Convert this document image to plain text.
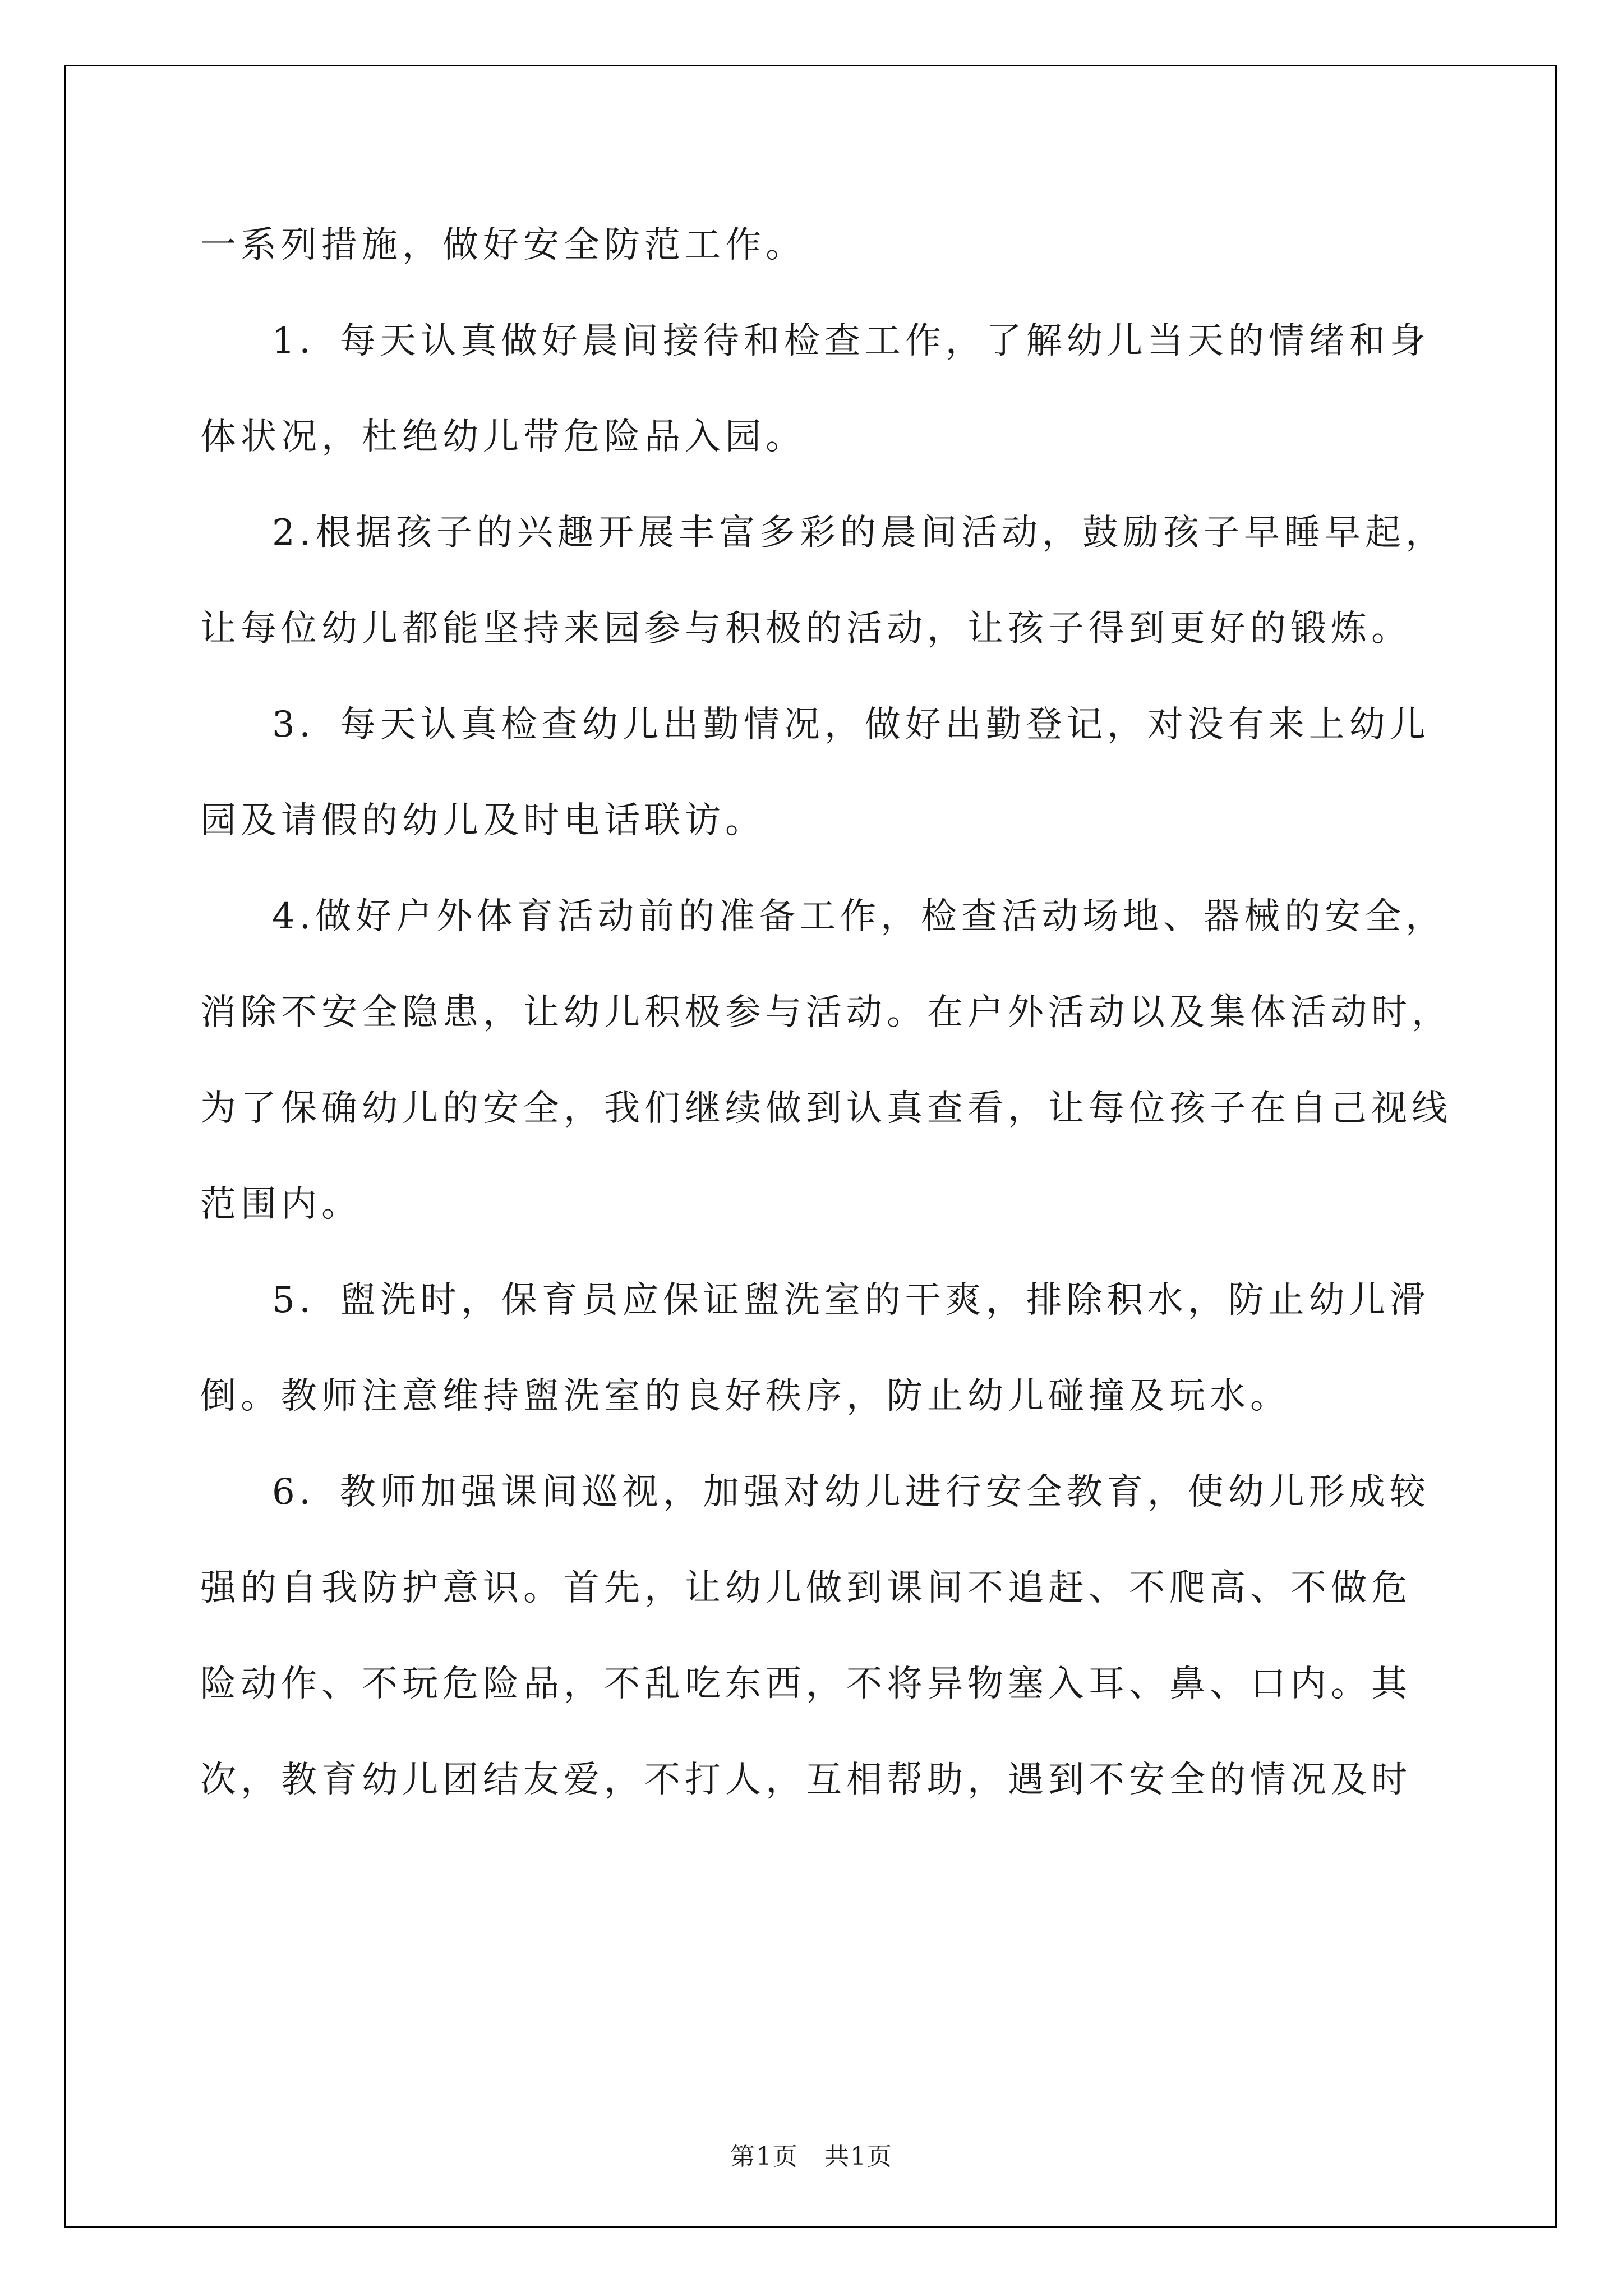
一系列措施，做好安全防范工作。
1．每天认真做好晨间接待和检查工作，了解幼儿当天的情绪和身
体状况，杜绝幼儿带危险品入园。
2.根据孩子的兴趣开展丰富多彩的晨间活动，鼓励孩子早睡早起，
让每位幼儿都能坚持来园参与积极的活动，让孩子得到更好的锻炼。
3．每天认真检查幼儿出勤情况，做好出勤登记，对没有来上幼儿
园及请假的幼儿及时电话联访。
4.做好户外体育活动前的准备工作，检查活动场地、器械的安全，
消除不安全隐患，让幼儿积极参与活动。在户外活动以及集体活动时，
为了保确幼儿的安全，我们继续做到认真查看，让每位孩子在自己视线
范围内。
5．盥洗时，保育员应保证盥洗室的干爽，排除积水，防止幼儿滑
倒。教师注意维持盥洗室的良好秩序，防止幼儿碰撞及玩水。
6．教师加强课间巡视，加强对幼儿进行安全教育，使幼儿形成较
强的自我防护意识。首先，让幼儿做到课间不追赶、不爬高、不做危
险动作、不玩危险品，不乱吃东西，不将异物塞入耳、鼻、口内。其
次，教育幼儿团结友爱，不打人，互相帮助，遇到不安全的情况及时
第1页　共1页
